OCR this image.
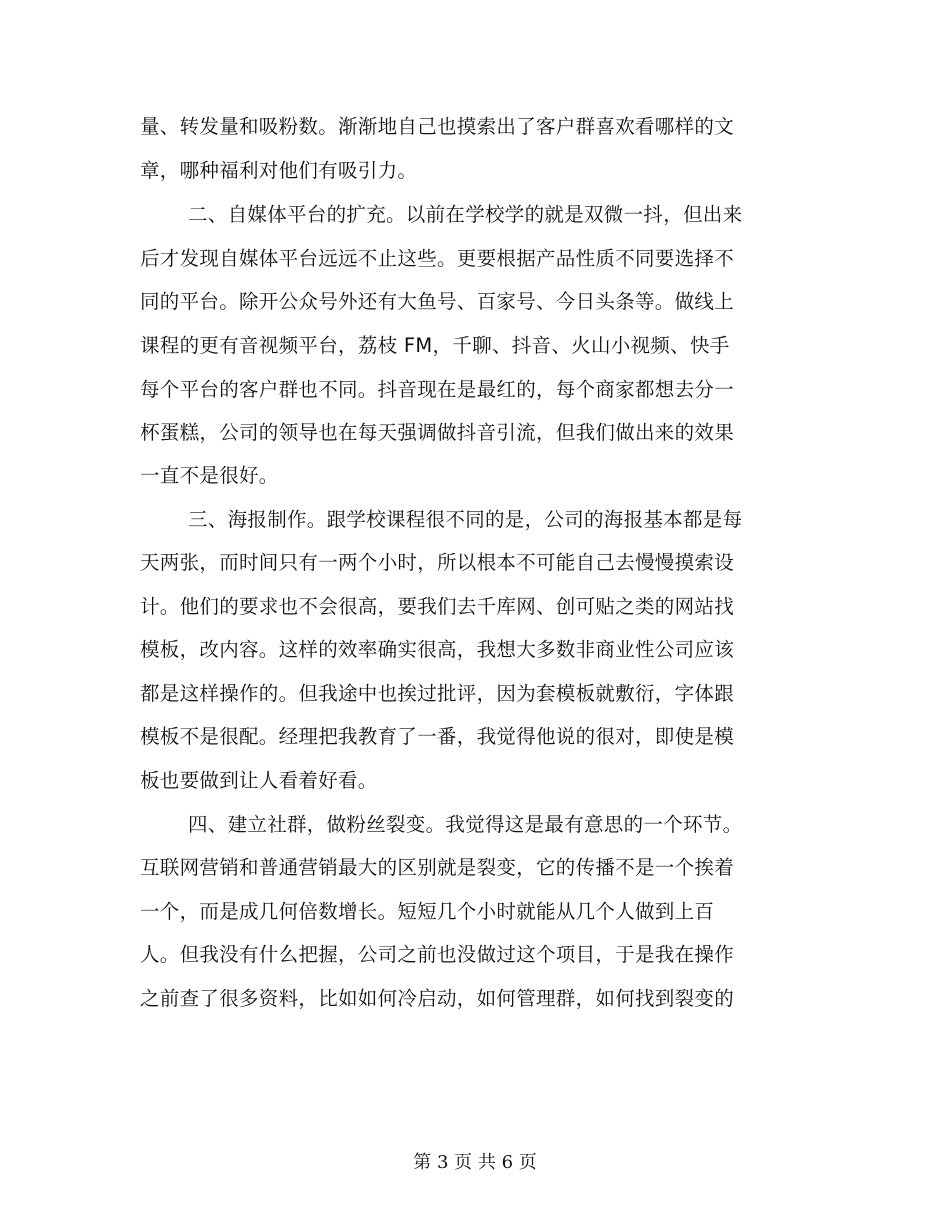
量、转发量和吸粉数。渐渐地自己也摸索出了客户群喜欢看哪样的文
章，哪种福利对他们有吸引力。
二、自媒体平台的扩充。以前在学校学的就是双微一抖，但出来
后才发现自媒体平台远远不止这些。更要根据产品性质不同要选择不
同的平台。除开公众号外还有大鱼号、百家号、今日头条等。做线上
课程的更有音视频平台，荔枝 FM，千聊、抖音、火山小视频、快手
每个平台的客户群也不同。抖音现在是最红的，每个商家都想去分一
杯蛋糕，公司的领导也在每天强调做抖音引流，但我们做出来的效果
一直不是很好。
三、海报制作。跟学校课程很不同的是，公司的海报基本都是每
天两张，而时间只有一两个小时，所以根本不可能自己去慢慢摸索设
计。他们的要求也不会很高，要我们去千库网、创可贴之类的网站找
模板，改内容。这样的效率确实很高，我想大多数非商业性公司应该
都是这样操作的。但我途中也挨过批评，因为套模板就敷衍，字体跟
模板不是很配。经理把我教育了一番，我觉得他说的很对，即使是模
板也要做到让人看着好看。
四、建立社群，做粉丝裂变。我觉得这是最有意思的一个环节。
互联网营销和普通营销最大的区别就是裂变，它的传播不是一个挨着
一个，而是成几何倍数增长。短短几个小时就能从几个人做到上百
人。但我没有什么把握，公司之前也没做过这个项目，于是我在操作
之前查了很多资料，比如如何冷启动，如何管理群，如何找到裂变的
第 3 页 共 6 页
